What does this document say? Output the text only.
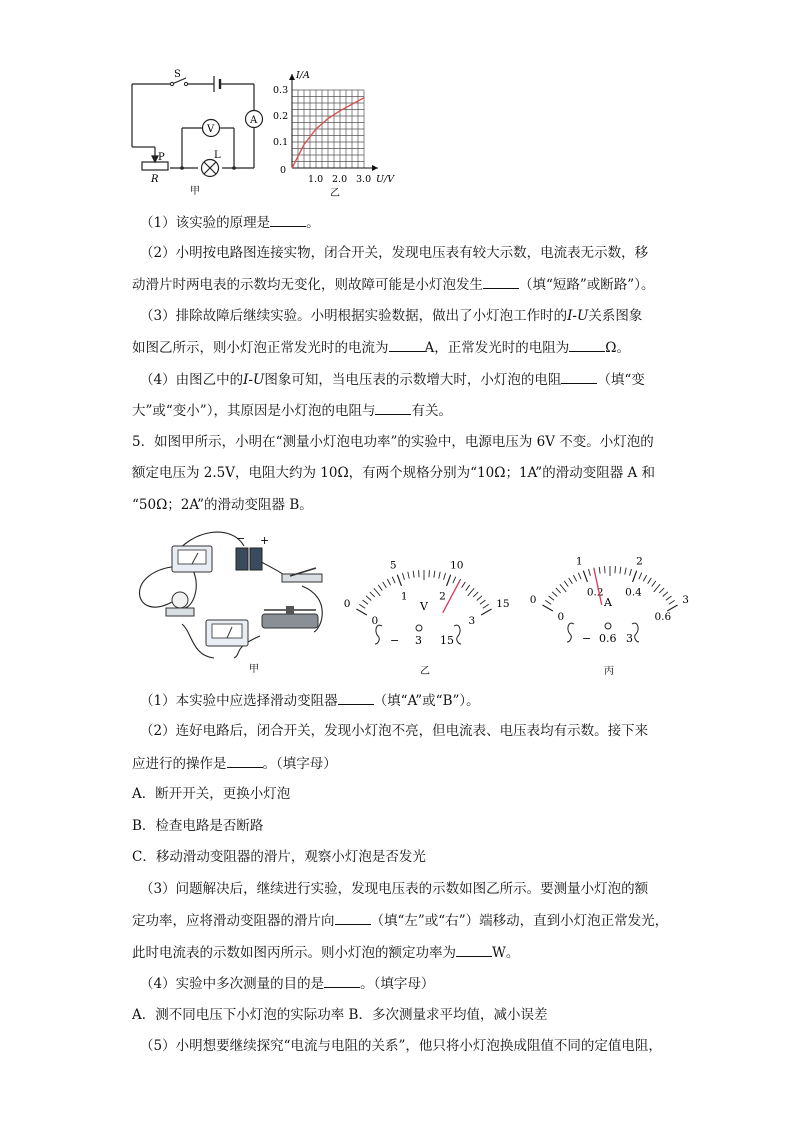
S
A
V
L
P
R
甲
1.0 2.0 3.0
0.1
0.2
0.3
0
U/V
I/A
乙
（1）该实验的原理是	。
（2）小明按电路图连接实物，闭合开关，发现电压表有较大示数，电流表无示数，移
动滑片时两电表的示数均无变化，则故障可能是小灯泡发生	（填“短路”或断路”）。
（3）排除故障后继续实验。小明根据实验数据，做出了小灯泡工作时的I-U关系图象
如图乙所示，则小灯泡正常发光时的电流为	A，正常发光时的电阻为	Ω。
（4）由图乙中的I-U图象可知，当电压表的示数增大时，小灯泡的电阻	（填“变
大”或“变小”），其原因是小灯泡的电阻与	有关。
5．如图甲所示，小明在“测量小灯泡电功率”的实验中，电源电压为 6V 不变。小灯泡的
额定电压为 2.5V，电阻大约为 10Ω，有两个规格分别为“10Ω；1A”的滑动变阻器 A 和
“50Ω；2A”的滑动变阻器 B。
− +
甲
0
5	10
15
0
1	2
3
V
− 3 15
乙
0
1	2
3
0
0.2 0.4
0.6
A
− 0.6 3
丙
（1）本实验中应选择滑动变阻器	（填“A”或“B”）。
（2）连好电路后，闭合开关，发现小灯泡不亮，但电流表、电压表均有示数。接下来
应进行的操作是	。（填字母）
A．断开开关，更换小灯泡
B．检查电路是否断路
C．移动滑动变阻器的滑片，观察小灯泡是否发光
（3）问题解决后，继续进行实验，发现电压表的示数如图乙所示。要测量小灯泡的额
定功率，应将滑动变阻器的滑片向	（填“左”或“右”）端移动，直到小灯泡正常发光，
此时电流表的示数如图丙所示。则小灯泡的额定功率为	W。
（4）实验中多次测量的目的是	。（填字母）
A．测不同电压下小灯泡的实际功率 B．多次测量求平均值，减小误差
（5）小明想要继续探究“电流与电阻的关系”，他只将小灯泡换成阻值不同的定值电阻，
